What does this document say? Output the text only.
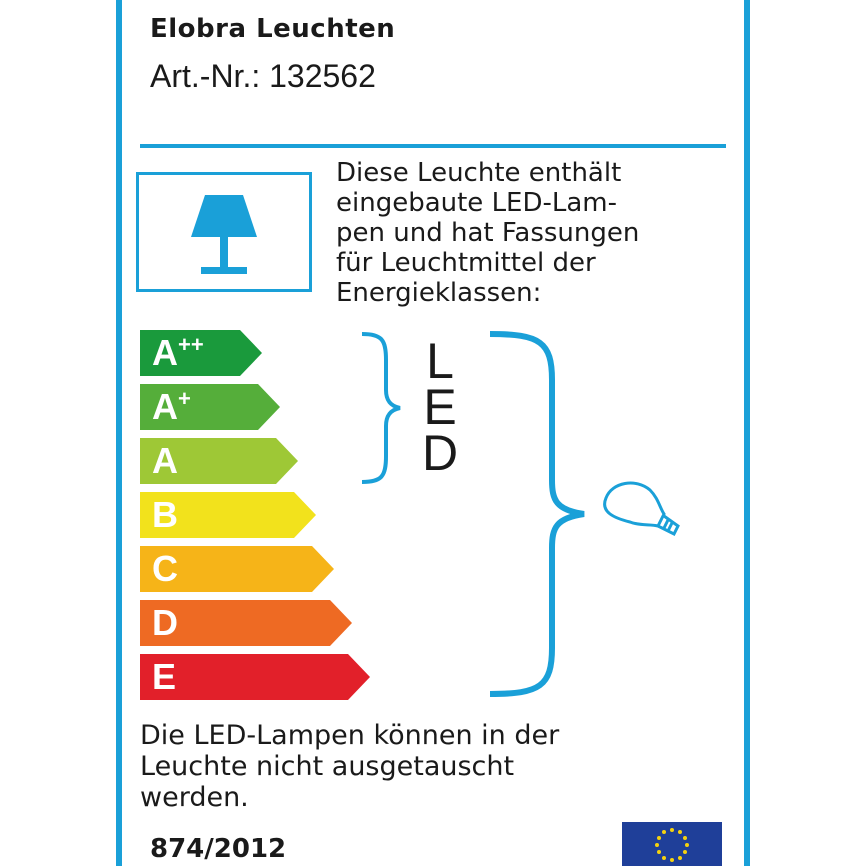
Elobra Leuchten
Art.-Nr.: 132562
Diese Leuchte enthält
eingebaute LED-Lam-
pen und hat Fassungen
für Leuchtmittel der
Energieklassen:
A++
A+
A
B
C
D
E
L
E
D
Die LED-Lampen können in der
Leuchte nicht ausgetauscht
werden.
874/2012
